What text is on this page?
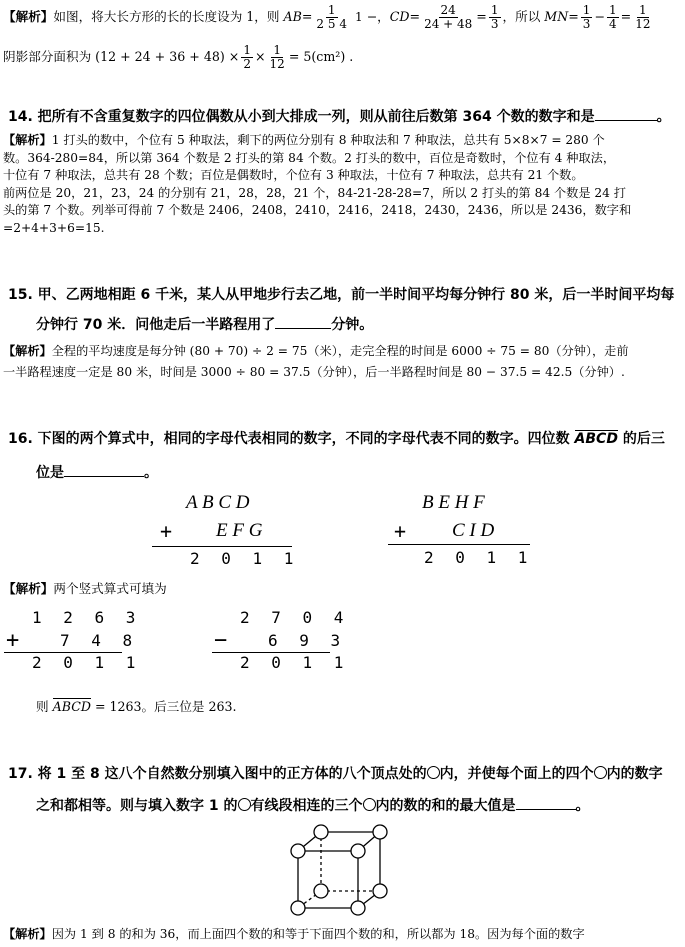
【解析】如图，将大长方形的长的长度设为 1，则 $AB= \frac{1}{2 5 4} 1$ −，$CD= \frac{24}{24 + 48} = \frac{1}{3}$ ，所以 $MN= \frac{1}{3} - \frac{1}{4} = \frac{1}{12}$
阴影部分面积为 $(12 + 24 + 36 + 48) \times \frac{1}{2} \times \frac{1}{12} = 5(cm^2)$ .
14. 把所有不含重复数字的四位偶数从小到大排成一列，则从前往后数第 364 个数的数字和是	。
【解析】1 打头的数中，个位有 5 种取法，剩下的两位分别有 8 种取法和 7 种取法，总共有 5×8×7 = 280 个
数。364-280=84，所以第 364 个数是 2 打头的第 84 个数。2 打头的数中，百位是奇数时，个位有 4 种取法，
十位有 7 种取法，总共有 28 个数；百位是偶数时，个位有 3 种取法，十位有 7 种取法，总共有 21 个数。
前两位是 20，21，23，24 的分别有 21，28，28，21 个，84-21-28-28=7，所以 2 打头的第 84 个数是 24 打
头的第 7 个数。列举可得前 7 个数是 2406，2408，2410，2416，2418，2430，2436，所以是 2436，数字和
=2+4+3+6=15.
15. 甲、乙两地相距 6 千米，某人从甲地步行去乙地，前一半时间平均每分钟行 80 米，后一半时间平均每
分钟行 70 米．问他走后一半路程用了	分钟。
【解析】全程的平均速度是每分钟 (80 + 70) ÷ 2 = 75（米），走完全程的时间是 6000 ÷ 75 = 80（分钟），走前
一半路程速度一定是 80 米，时间是 3000 ÷ 80 = 37.5（分钟），后一半路程时间是 80 − 37.5 = 42.5（分钟）.
16. 下图的两个算式中，相同的字母代表相同的数字，不同的字母代表不同的数字。四位数 ABCD 的后三
位是	。
A B C D
+ E F G
2 0 1 1
B E H F
+ C I D
2 0 1 1
【解析】两个竖式算式可填为
1 2 6 3
+	7 4 8
2 0 1 1
2 7 0 4
−	6 9 3
2 0 1 1
则 ABCD = 1263。后三位是 263.
17. 将 1 至 8 这八个自然数分别填入图中的正方体的八个顶点处的 内，并使每个面上的四个 内的数字
之和都相等。则与填入数字 1 的 有线段相连的三个 内的数的和的最大值是	。
【解析】因为 1 到 8 的和为 36，而上面四个数的和等于下面四个数的和，所以都为 18。因为每个面的数字
